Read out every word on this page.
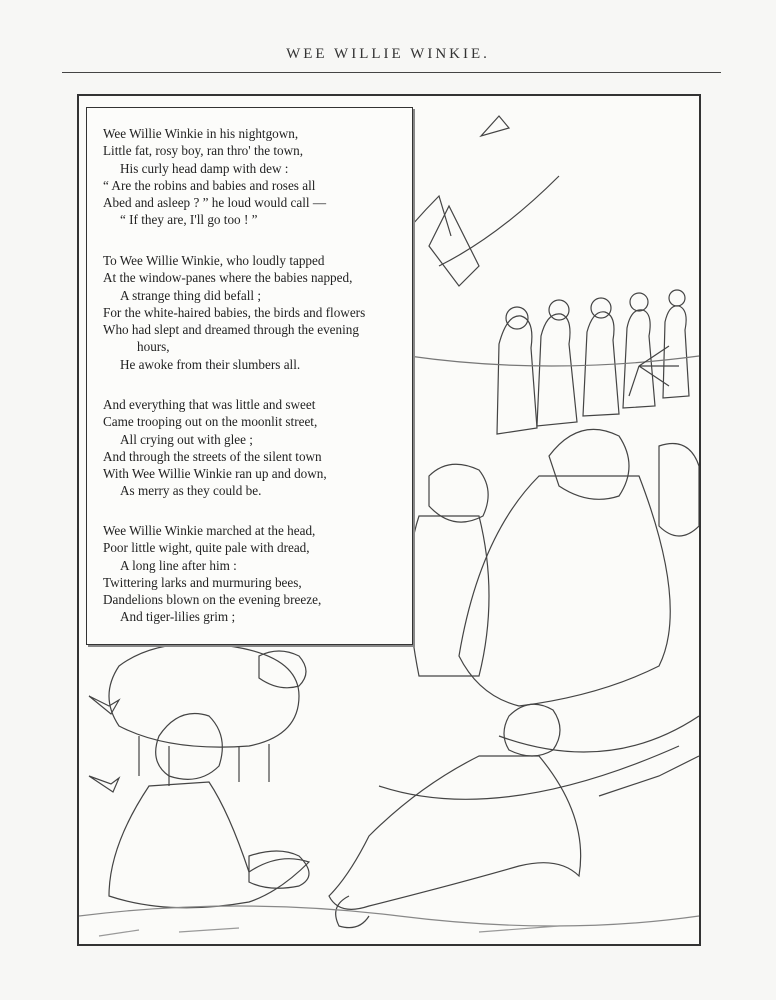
WEE WILLIE WINKIE.
Wee Willie Winkie in his nightgown,
Little fat, rosy boy, ran thro' the town,
His curly head damp with dew :
“ Are the robins and babies and roses all
Abed and asleep ? ” he loud would call —
“ If they are, I'll go too ! ”
To Wee Willie Winkie, who loudly tapped
At the window-panes where the babies napped,
A strange thing did befall ;
For the white-haired babies, the birds and flowers
Who had slept and dreamed through the evening
hours,
He awoke from their slumbers all.
And everything that was little and sweet
Came trooping out on the moonlit street,
All crying out with glee ;
And through the streets of the silent town
With Wee Willie Winkie ran up and down,
As merry as they could be.
Wee Willie Winkie marched at the head,
Poor little wight, quite pale with dread,
A long line after him :
Twittering larks and murmuring bees,
Dandelions blown on the evening breeze,
And tiger-lilies grim ;
